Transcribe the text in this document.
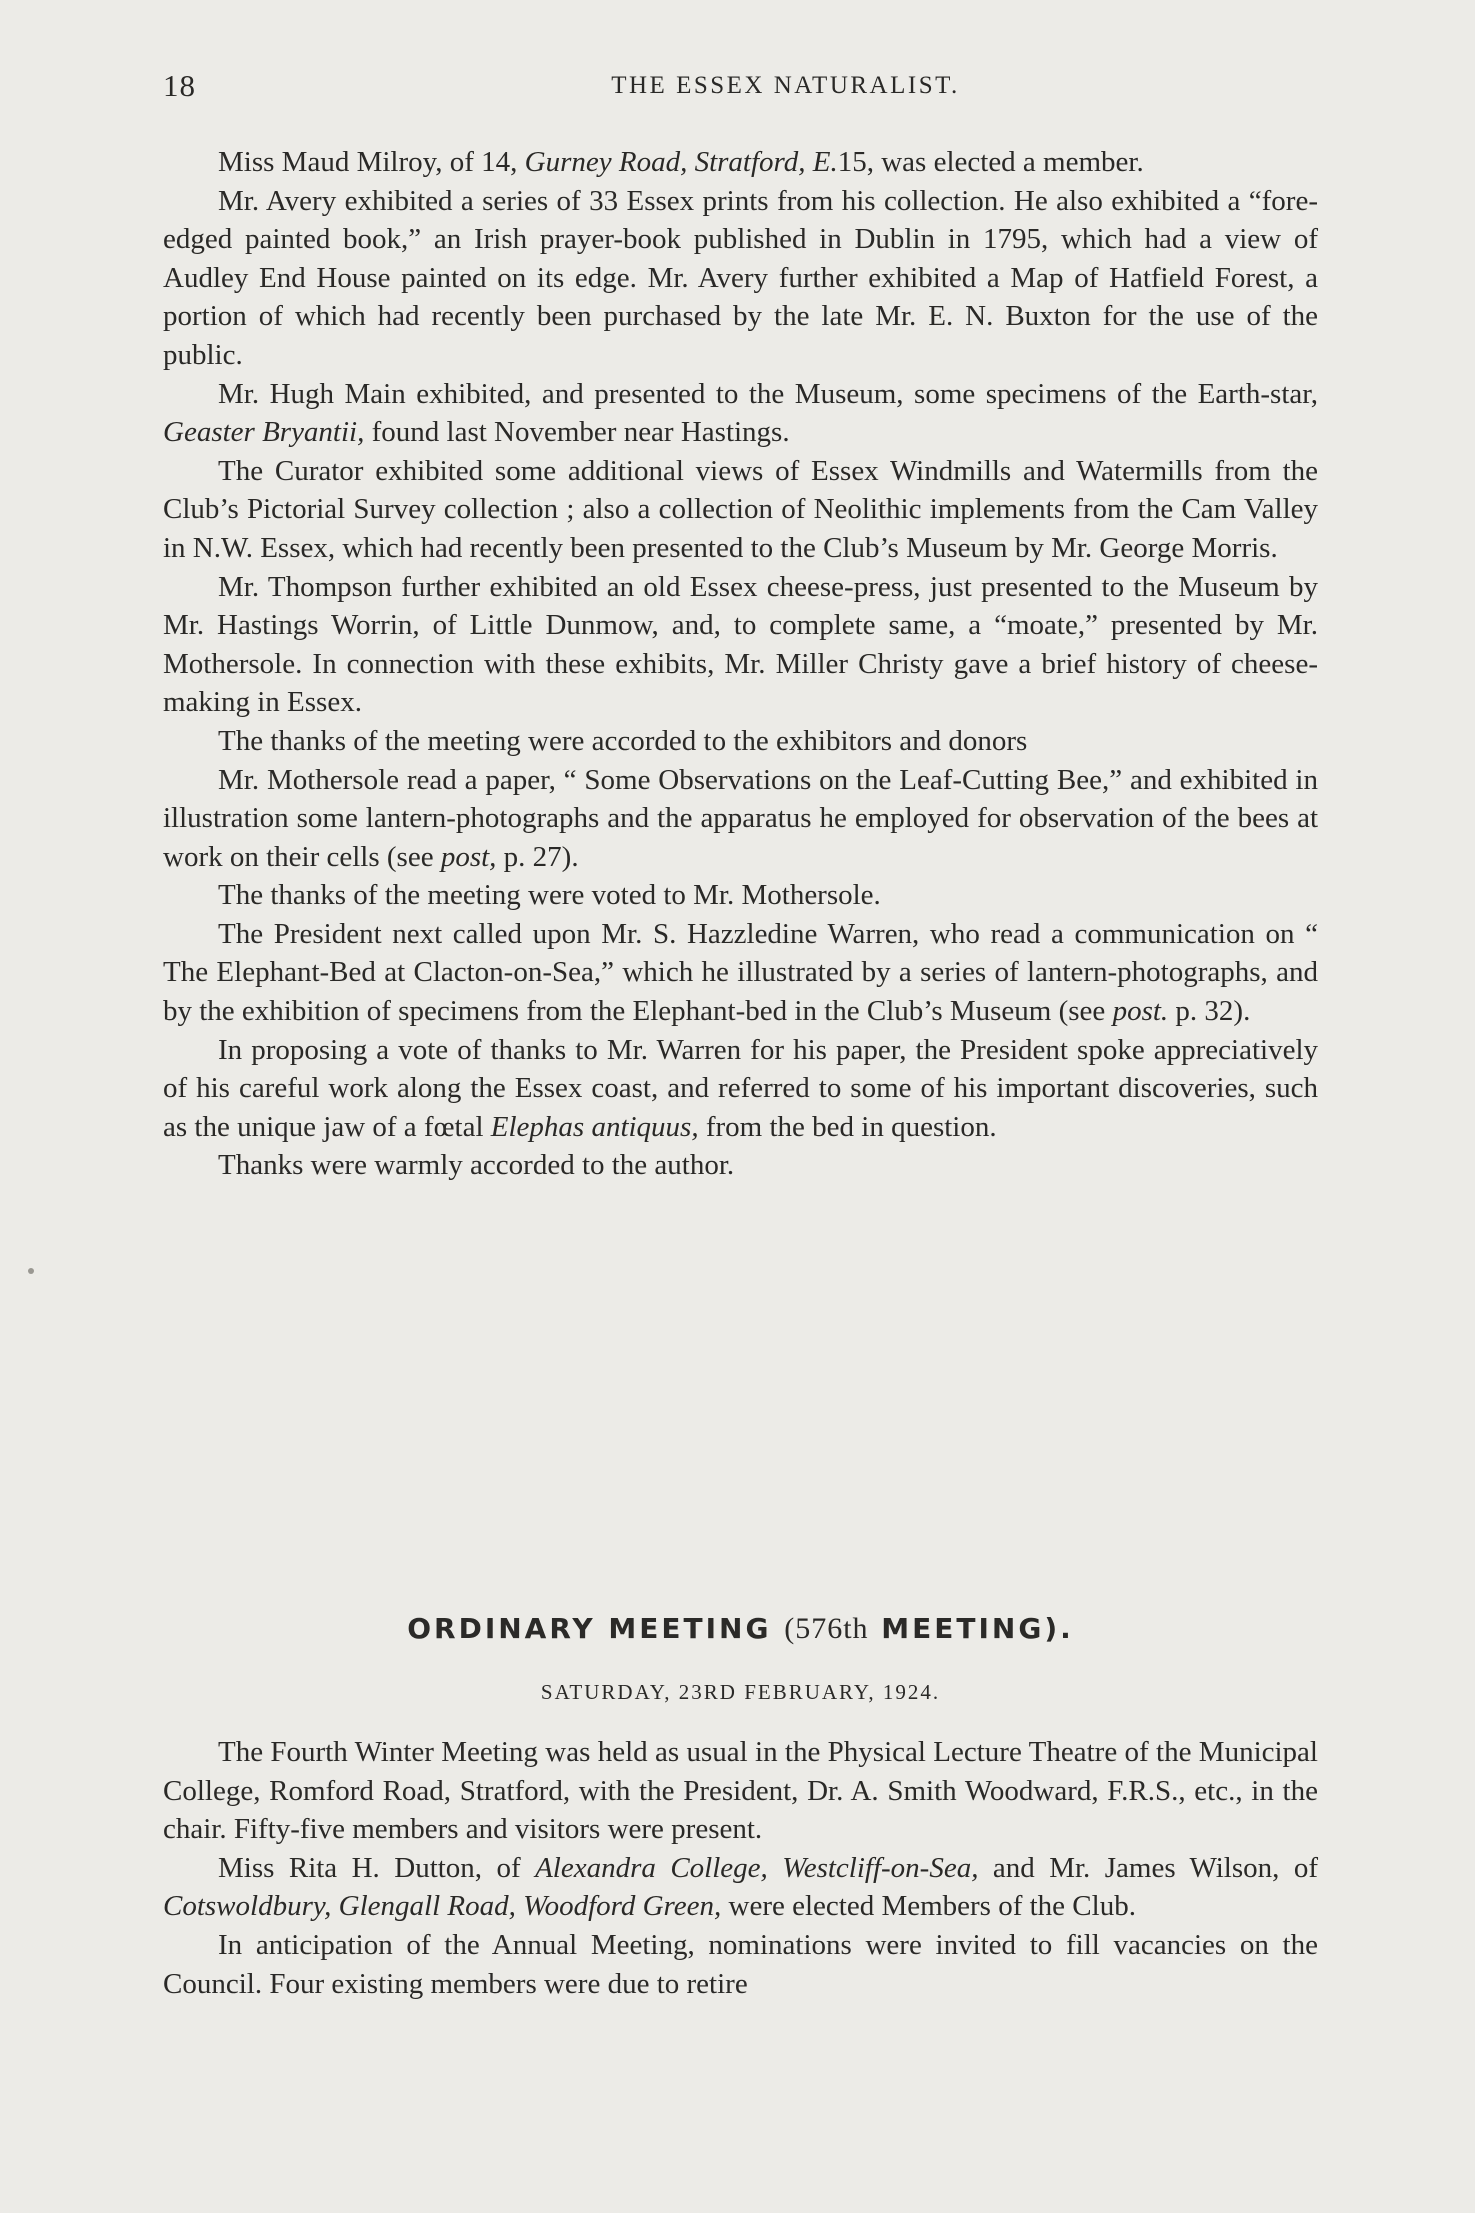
18	THE ESSEX NATURALIST.

Miss Maud Milroy, of 14, Gurney Road, Stratford, E.15, was elected a member.

Mr. Avery exhibited a series of 33 Essex prints from his collection. He also exhibited a “fore-edged painted book,” an Irish prayer-book published in Dublin in 1795, which had a view of Audley End House painted on its edge. Mr. Avery further exhibited a Map of Hatfield Forest, a portion of which had recently been purchased by the late Mr. E. N. Buxton for the use of the public.

Mr. Hugh Main exhibited, and presented to the Museum, some specimens of the Earth-star, Geaster Bryantii, found last November near Hastings.

The Curator exhibited some additional views of Essex Windmills and Watermills from the Club’s Pictorial Survey collection ; also a collection of Neolithic implements from the Cam Valley in N.W. Essex, which had recently been presented to the Club’s Museum by Mr. George Morris.

Mr. Thompson further exhibited an old Essex cheese-press, just presented to the Museum by Mr. Hastings Worrin, of Little Dunmow, and, to complete same, a “moate,” presented by Mr. Mothersole. In connection with these exhibits, Mr. Miller Christy gave a brief history of cheese-making in Essex.

The thanks of the meeting were accorded to the exhibitors and donors

Mr. Mothersole read a paper, “ Some Observations on the Leaf-Cutting Bee,” and exhibited in illustration some lantern-photographs and the apparatus he employed for observation of the bees at work on their cells (see post, p. 27).

The thanks of the meeting were voted to Mr. Mothersole.

The President next called upon Mr. S. Hazzledine Warren, who read a communication on “ The Elephant-Bed at Clacton-on-Sea,” which he illustrated by a series of lantern-photographs, and by the exhibition of specimens from the Elephant-bed in the Club’s Museum (see post. p. 32).

In proposing a vote of thanks to Mr. Warren for his paper, the President spoke appreciatively of his careful work along the Essex coast, and referred to some of his important discoveries, such as the unique jaw of a fœtal Elephas antiquus, from the bed in question.

Thanks were warmly accorded to the author.

ORDINARY MEETING (576th MEETING).
SATURDAY, 23RD FEBRUARY, 1924.

The Fourth Winter Meeting was held as usual in the Physical Lecture Theatre of the Municipal College, Romford Road, Stratford, with the President, Dr. A. Smith Woodward, F.R.S., etc., in the chair. Fifty-five members and visitors were present.

Miss Rita H. Dutton, of Alexandra College, Westcliff-on-Sea, and Mr. James Wilson, of Cotswoldbury, Glengall Road, Woodford Green, were elected Members of the Club.

In anticipation of the Annual Meeting, nominations were invited to fill vacancies on the Council. Four existing members were due to retire
